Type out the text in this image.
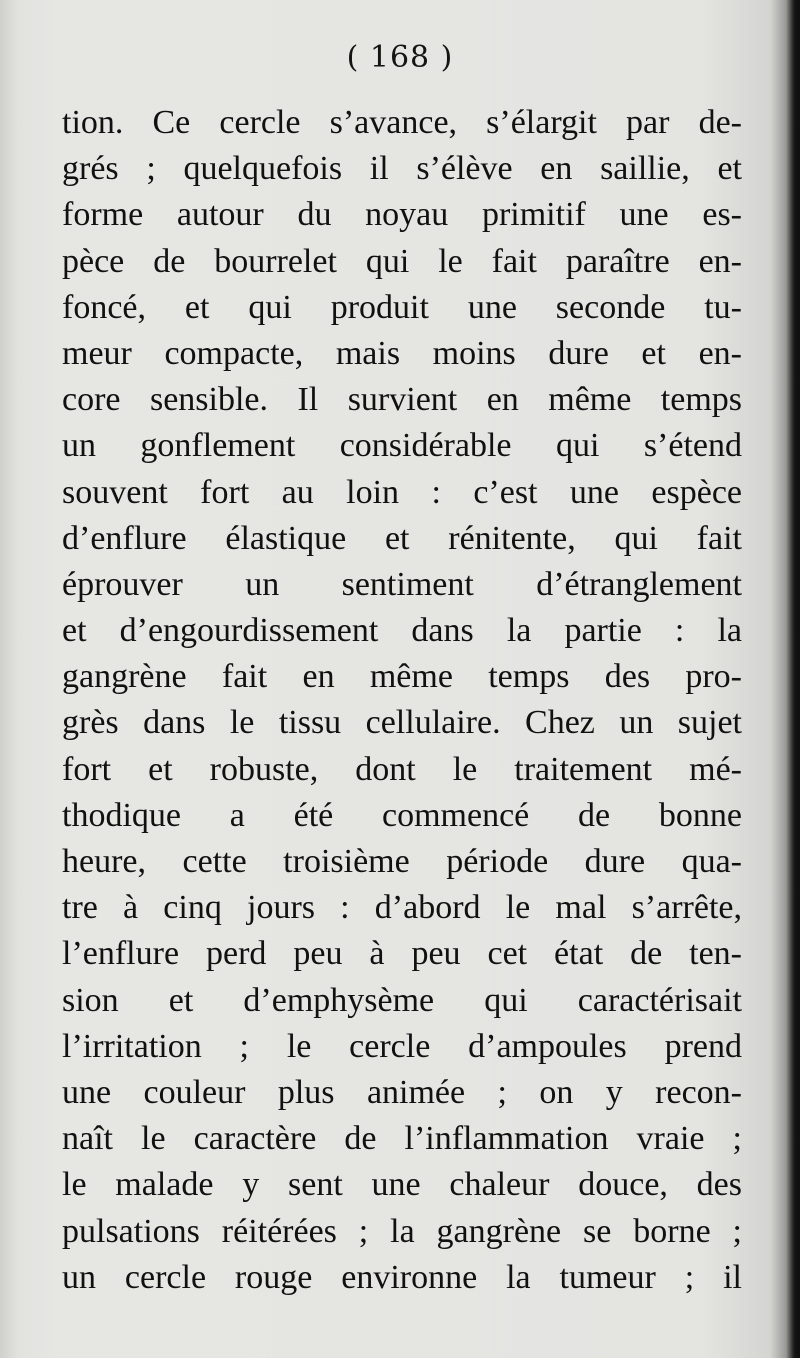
( 168 )
tion. Ce cercle s’avance, s’élargit par de-
grés ; quelquefois il s’élève en saillie, et
forme autour du noyau primitif une es-
pèce de bourrelet qui le fait paraître en-
foncé, et qui produit une seconde tu-
meur compacte, mais moins dure et en-
core sensible. Il survient en même temps
un gonflement considérable qui s’étend
souvent fort au loin : c’est une espèce
d’enflure élastique et rénitente, qui fait
éprouver un sentiment d’étranglement
et d’engourdissement dans la partie : la
gangrène fait en même temps des pro-
grès dans le tissu cellulaire. Chez un sujet
fort et robuste, dont le traitement mé-
thodique a été commencé de bonne
heure, cette troisième période dure qua-
tre à cinq jours : d’abord le mal s’arrête,
l’enflure perd peu à peu cet état de ten-
sion et d’emphysème qui caractérisait
l’irritation ; le cercle d’ampoules prend
une couleur plus animée ; on y recon-
naît le caractère de l’inflammation vraie ;
le malade y sent une chaleur douce, des
pulsations réitérées ; la gangrène se borne ;
un cercle rouge environne la tumeur ; il
